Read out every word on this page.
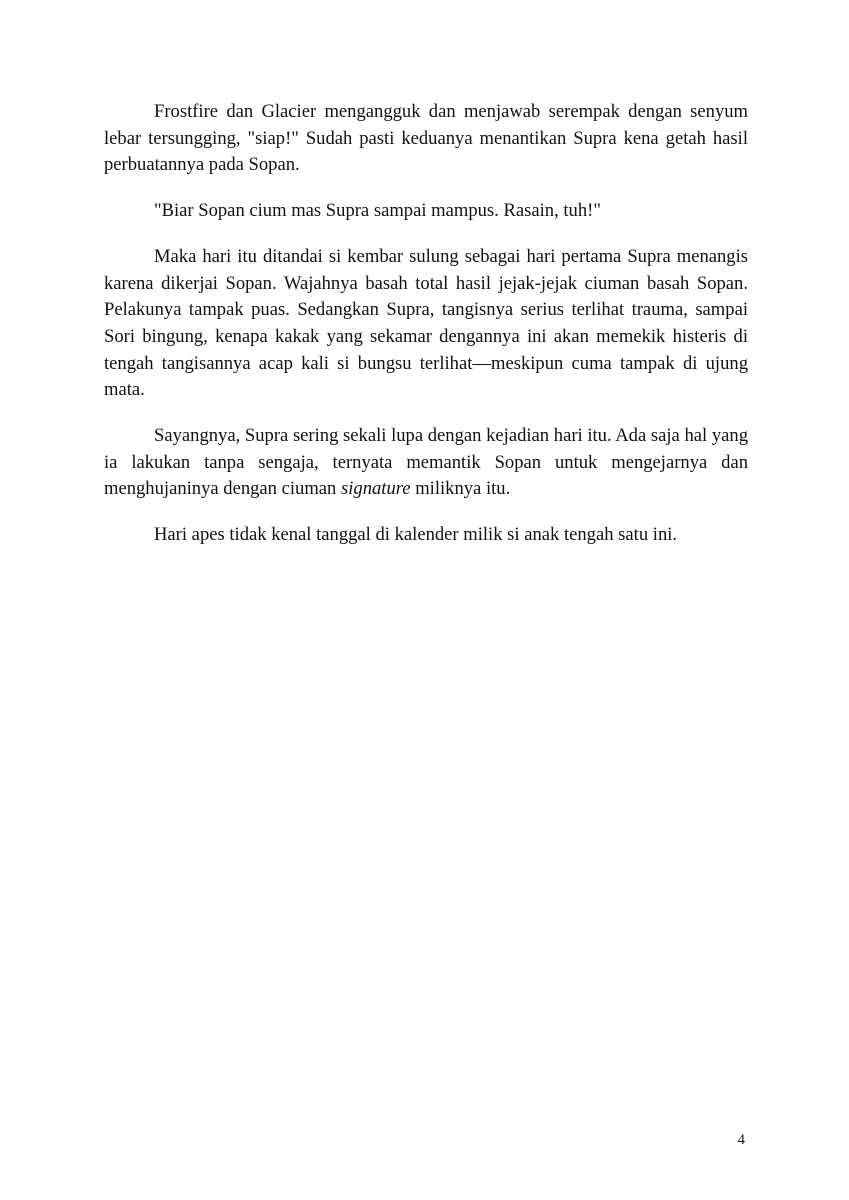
Frostfire dan Glacier mengangguk dan menjawab serempak dengan senyum lebar tersungging, "siap!" Sudah pasti keduanya menantikan Supra kena getah hasil perbuatannya pada Sopan.

"Biar Sopan cium mas Supra sampai mampus. Rasain, tuh!"

Maka hari itu ditandai si kembar sulung sebagai hari pertama Supra menangis karena dikerjai Sopan. Wajahnya basah total hasil jejak-jejak ciuman basah Sopan. Pelakunya tampak puas. Sedangkan Supra, tangisnya serius terlihat trauma, sampai Sori bingung, kenapa kakak yang sekamar dengannya ini akan memekik histeris di tengah tangisannya acap kali si bungsu terlihat—meskipun cuma tampak di ujung mata.

Sayangnya, Supra sering sekali lupa dengan kejadian hari itu. Ada saja hal yang ia lakukan tanpa sengaja, ternyata memantik Sopan untuk mengejarnya dan menghujaninya dengan ciuman signature miliknya itu.

Hari apes tidak kenal tanggal di kalender milik si anak tengah satu ini.

4
